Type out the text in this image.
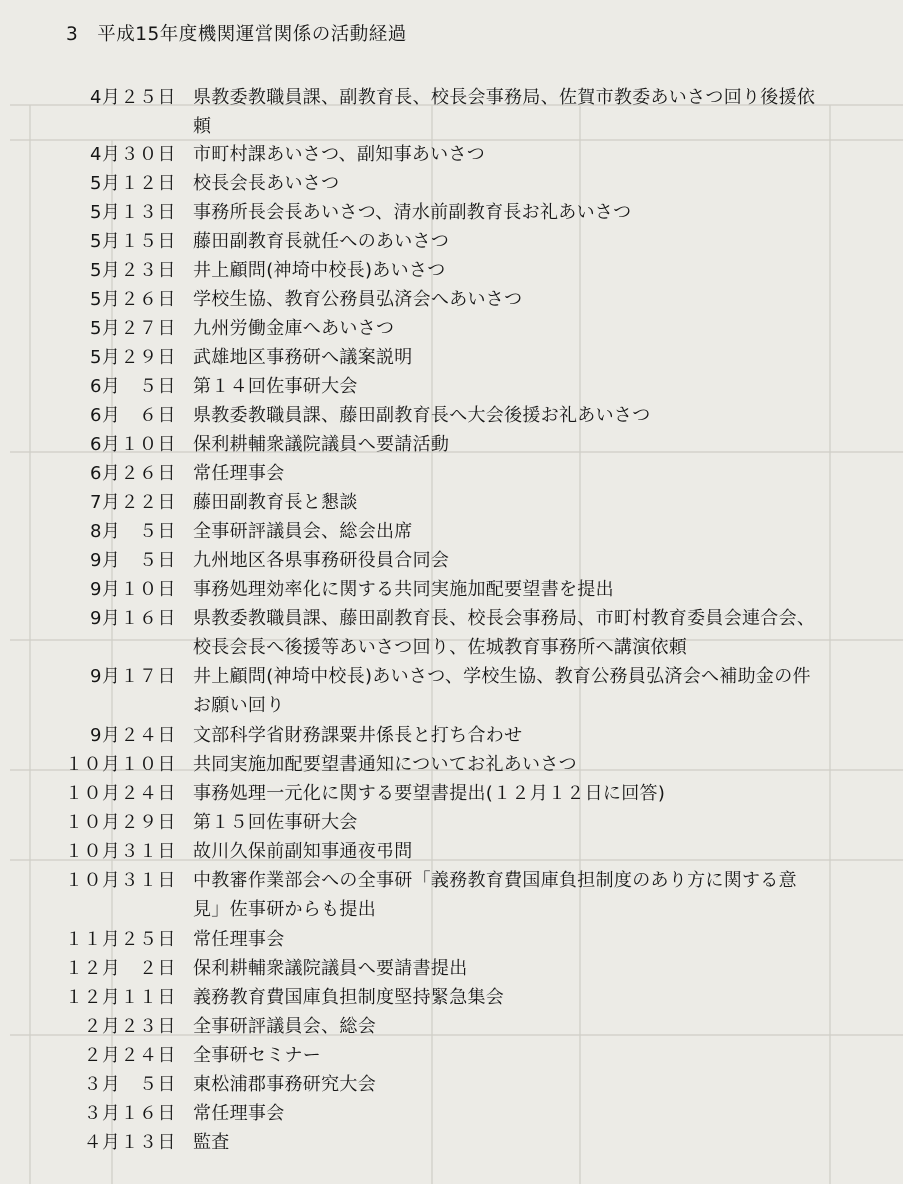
3　平成15年度機関運営関係の活動経過
4月２５日 県教委教職員課、副教育長、校長会事務局、佐賀市教委あいさつ回り後援依
頼
4月３０日 市町村課あいさつ、副知事あいさつ
5月１２日 校長会長あいさつ
5月１３日 事務所長会長あいさつ、清水前副教育長お礼あいさつ
5月１５日 藤田副教育長就任へのあいさつ
5月２３日 井上顧問(神埼中校長)あいさつ
5月２６日 学校生協、教育公務員弘済会へあいさつ
5月２７日 九州労働金庫へあいさつ
5月２９日 武雄地区事務研へ議案説明
6月　５日 第１４回佐事研大会
6月　６日 県教委教職員課、藤田副教育長へ大会後援お礼あいさつ
6月１０日 保利耕輔衆議院議員へ要請活動
6月２６日 常任理事会
7月２２日 藤田副教育長と懇談
8月　５日 全事研評議員会、総会出席
9月　５日 九州地区各県事務研役員合同会
9月１０日 事務処理効率化に関する共同実施加配要望書を提出
9月１６日 県教委教職員課、藤田副教育長、校長会事務局、市町村教育委員会連合会、
校長会長へ後援等あいさつ回り、佐城教育事務所へ講演依頼
9月１７日 井上顧問(神埼中校長)あいさつ、学校生協、教育公務員弘済会へ補助金の件
お願い回り
9月２４日 文部科学省財務課粟井係長と打ち合わせ
１０月１０日 共同実施加配要望書通知についてお礼あいさつ
１０月２４日 事務処理一元化に関する要望書提出(１２月１２日に回答)
１０月２９日 第１５回佐事研大会
１０月３１日 故川久保前副知事通夜弔問
１０月３１日 中教審作業部会への全事研「義務教育費国庫負担制度のあり方に関する意
見」佐事研からも提出
１１月２５日 常任理事会
１２月　２日 保利耕輔衆議院議員へ要請書提出
１２月１１日 義務教育費国庫負担制度堅持緊急集会
２月２３日 全事研評議員会、総会
２月２４日 全事研セミナー
３月　５日 東松浦郡事務研究大会
３月１６日 常任理事会
４月１３日 監査
